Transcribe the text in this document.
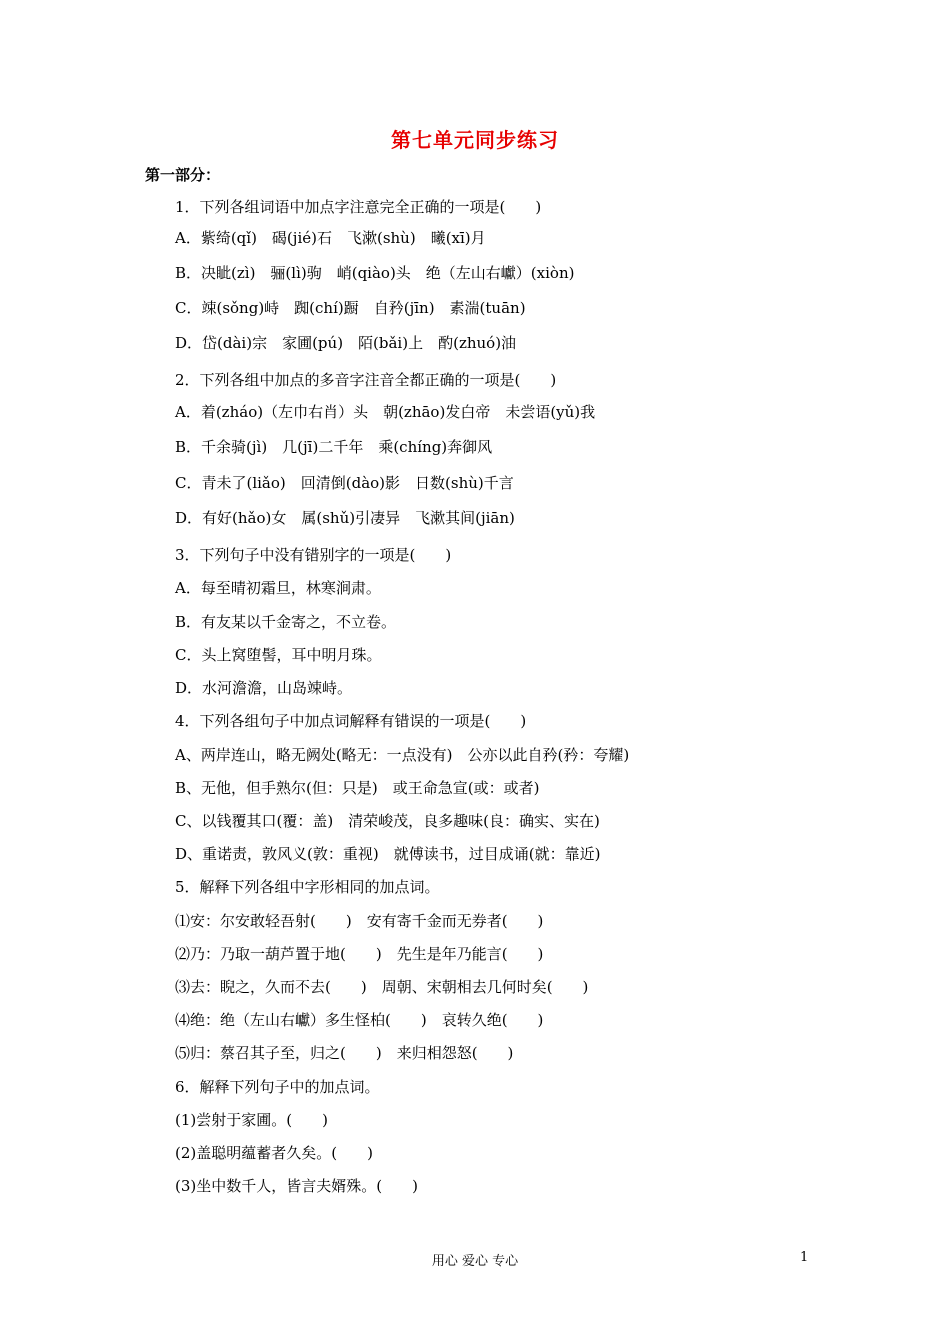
第七单元同步练习
第一部分：
1．下列各组词语中加点字注意完全正确的一项是(　　)
A．紫绮(qǐ)　碣(jié)石　飞漱(shù)　曦(xī)月
B．决眦(zì)　骊(lì)驹　峭(qiào)头　绝（左山右巘）(xiòn)
C．竦(sǒng)峙　踟(chí)蹰　自矜(jīn)　素湍(tuān)
D．岱(dài)宗　家圃(pú)　陌(bǎi)上　酌(zhuó)油
2．下列各组中加点的多音字注音全都正确的一项是(　　)
A．着(zháo)（左巾右肖）头　朝(zhāo)发白帝　未尝语(yǔ)我
B．千余骑(jì)　几(jī)二千年　乘(chíng)奔御风
C．青未了(liǎo)　回清倒(dào)影　日数(shù)千言
D．有好(hǎo)女　属(shǔ)引凄异　飞漱其间(jiān)
3．下列句子中没有错别字的一项是(　　)
A．每至晴初霜旦，林寒涧肃。
B．有友某以千金寄之，不立卷。
C．头上窝堕髻，耳中明月珠。
D．水河澹澹，山岛竦峙。
4．下列各组句子中加点词解释有错误的一项是(　　)
A、两岸连山，略无阙处(略无：一点没有)　公亦以此自矜(矜：夸耀)
B、无他，但手熟尔(但：只是)　或王命急宣(或：或者)
C、以钱覆其口(覆：盖)　清荣峻茂，良多趣味(良：确实、实在)
D、重诺责，敦风义(敦：重视)　就傅读书，过目成诵(就：靠近)
5．解释下列各组中字形相同的加点词。
⑴安：尔安敢轻吾射(　　)　安有寄千金而无券者(　　)
⑵乃：乃取一葫芦置于地(　　)　先生是年乃能言(　　)
⑶去：睨之，久而不去(　　)　周朝、宋朝相去几何时矣(　　)
⑷绝：绝（左山右巘）多生怪柏(　　)　哀转久绝(　　)
⑸归：蔡召其子至，归之(　　)　来归相怨怒(　　)
6．解释下列句子中的加点词。
(1)尝射于家圃。(　　)
(2)盖聪明蕴蓄者久矣。(　　)
(3)坐中数千人，皆言夫婿殊。(　　)
用心 爱心 专心	1
